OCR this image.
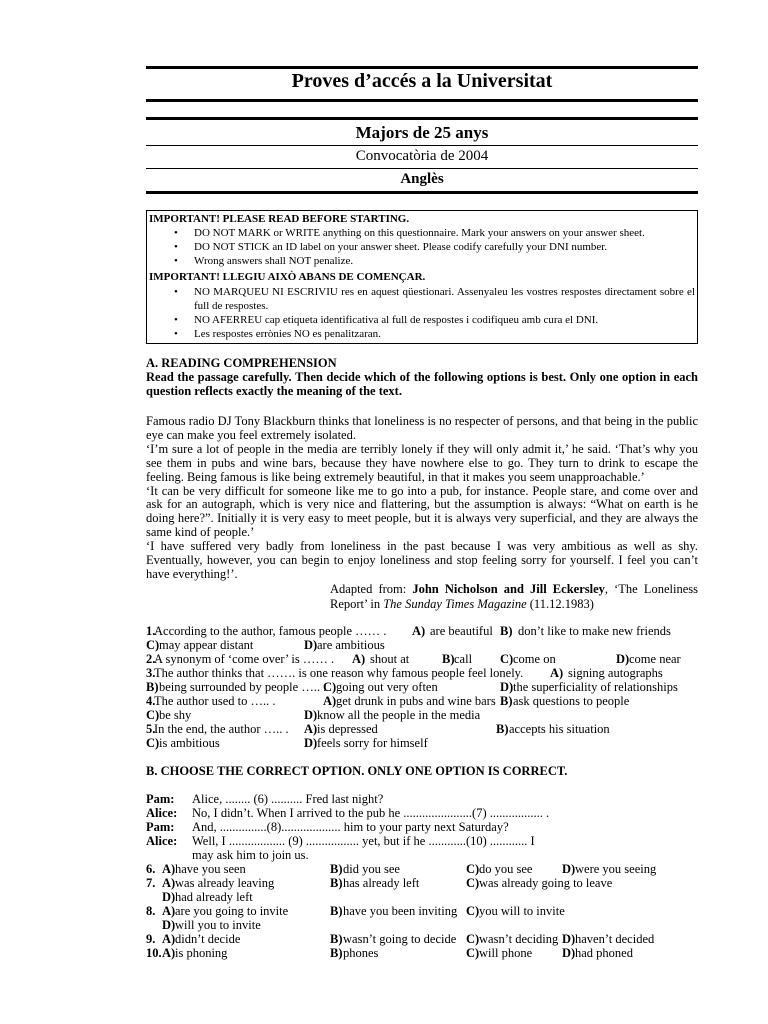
Proves d’accés a la Universitat
Majors de 25 anys
Convocatòria de 2004
Anglès
IMPORTANT! PLEASE READ BEFORE STARTING.
• DO NOT MARK or WRITE anything on this questionnaire. Mark your answers on your answer sheet.
• DO NOT STICK an ID label on your answer sheet. Please codify carefully your DNI number.
• Wrong answers shall NOT penalize.
IMPORTANT! LLEGIU AIXÒ ABANS DE COMENÇAR.
• NO MARQUEU NI ESCRIVIU res en aquest qüestionari. Assenyaleu les vostres respostes directament sobre el full de respostes.
• NO AFERREU cap etiqueta identificativa al full de respostes i codifiqueu amb cura el DNI.
• Les respostes errònies NO es penalitzaran.
A. READING COMPREHENSION
Read the passage carefully. Then decide which of the following options is best. Only one option in each question reflects exactly the meaning of the text.

Famous radio DJ Tony Blackburn thinks that loneliness is no respecter of persons, and that being in the public eye can make you feel extremely isolated.

‘I’m sure a lot of people in the media are terribly lonely if they will only admit it,’ he said. ‘That’s why you see them in pubs and wine bars, because they have nowhere else to go. They turn to drink to escape the feeling. Being famous is like being extremely beautiful, in that it makes you seem unapproachable.’

‘It can be very difficult for someone like me to go into a pub, for instance. People stare, and come over and ask for an autograph, which is very nice and flattering, but the assumption is always: “What on earth is he doing here?”. Initially it is very easy to meet people, but it is always very superficial, and they are always the same kind of people.’

‘I have suffered very badly from loneliness in the past because I was very ambitious as well as shy. Eventually, however, you can begin to enjoy loneliness and stop feeling sorry for yourself. I feel you can’t have everything!’.

Adapted from: John Nicholson and Jill Eckersley, ‘The Loneliness Report’ in The Sunday Times Magazine (11.12.1983)
1.
According to the author, famous people …… . A) are beautiful B) don’t like to make new friends
C) may appear distant	D) are ambitious
2.
A synonym of ‘come over’ is …… . A) shout at	B) call C) come on	D) come near
3.
The author thinks that ……. is one reason why famous people feel lonely. A) signing autographs
B) being surrounded by people ….. .
C) going out very often	D) the superficiality of relationships
4.
The author used to ….. .	A) get drunk in pubs and wine bars B) ask questions to people
C) be shy	D) know all the people in the media
5.
In the end, the author ….. . A) is depressed	B) accepts his situation
C) is ambitious	D) feels sorry for himself
B. CHOOSE THE CORRECT OPTION. ONLY ONE OPTION IS CORRECT.
Pam:	Alice, ........ (6) .......... Fred last night?
Alice:	No, I didn’t. When I arrived to the pub he ......................(7) ................. .
Pam:	And, ...............(8)................... him to your party next Saturday?
Alice:	Well, I .................. (9) ................. yet, but if he ............(10) ............ I may ask him to join us.
6. A) have you seen	B) did you see	C) do you see D) were you seeing
7. A) was already leaving	B) has already left	C) was already going to leave
D) had already left
8. A) are you going to invite	B) have you been inviting C) you will to invite
D) will you to invite
9. A) didn’t decide	B) wasn’t going to decide C) wasn’t deciding D) haven’t decided
10. A) is phoning	B) phones	C) will phone D) had phoned
